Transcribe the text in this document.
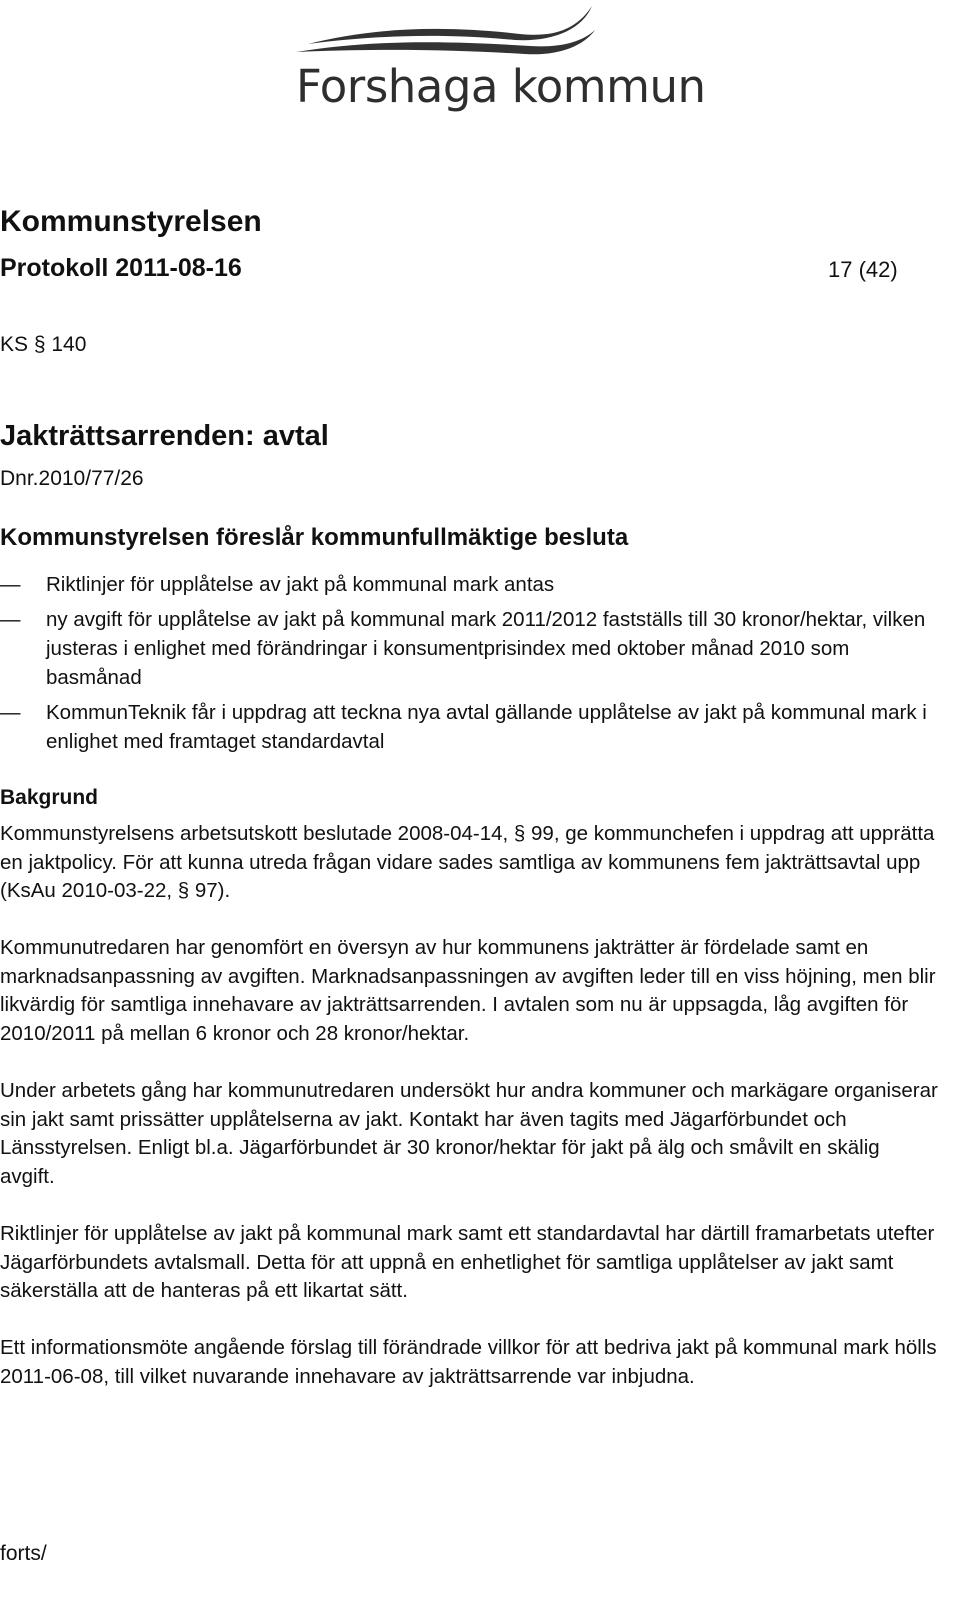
Forshaga kommun
Kommunstyrelsen
Protokoll 2011-08-16	17 (42)
KS § 140
Jakträttsarrenden: avtal
Dnr.2010/77/26
Kommunstyrelsen föreslår kommunfullmäktige besluta
—	Riktlinjer för upplåtelse av jakt på kommunal mark antas
—	ny avgift för upplåtelse av jakt på kommunal mark 2011/2012 fastställs till 30 kronor/hektar, vilken justeras i enlighet med förändringar i konsumentprisindex med oktober månad 2010 som basmånad
—	KommunTeknik får i uppdrag att teckna nya avtal gällande upplåtelse av jakt på kommunal mark i enlighet med framtaget standardavtal
Bakgrund

Kommunstyrelsens arbetsutskott beslutade 2008-04-14, § 99, ge kommunchefen i uppdrag att upprätta en jaktpolicy. För att kunna utreda frågan vidare sades samtliga av kommunens fem jakträttsavtal upp (KsAu 2010-03-22, § 97).

Kommunutredaren har genomfört en översyn av hur kommunens jakträtter är fördelade samt en marknadsanpassning av avgiften. Marknadsanpassningen av avgiften leder till en viss höjning, men blir likvärdig för samtliga innehavare av jakträttsarrenden. I avtalen som nu är uppsagda, låg avgiften för 2010/2011 på mellan 6 kronor och 28 kronor/hektar.

Under arbetets gång har kommunutredaren undersökt hur andra kommuner och markägare organiserar sin jakt samt prissätter upplåtelserna av jakt. Kontakt har även tagits med Jägarförbundet och Länsstyrelsen. Enligt bl.a. Jägarförbundet är 30 kronor/hektar för jakt på älg och småvilt en skälig avgift.

Riktlinjer för upplåtelse av jakt på kommunal mark samt ett standardavtal har därtill framarbetats utefter Jägarförbundets avtalsmall. Detta för att uppnå en enhetlighet för samtliga upplåtelser av jakt samt säkerställa att de hanteras på ett likartat sätt.

Ett informationsmöte angående förslag till förändrade villkor för att bedriva jakt på kommunal mark hölls 2011-06-08, till vilket nuvarande innehavare av jakträttsarrende var inbjudna.

forts/
